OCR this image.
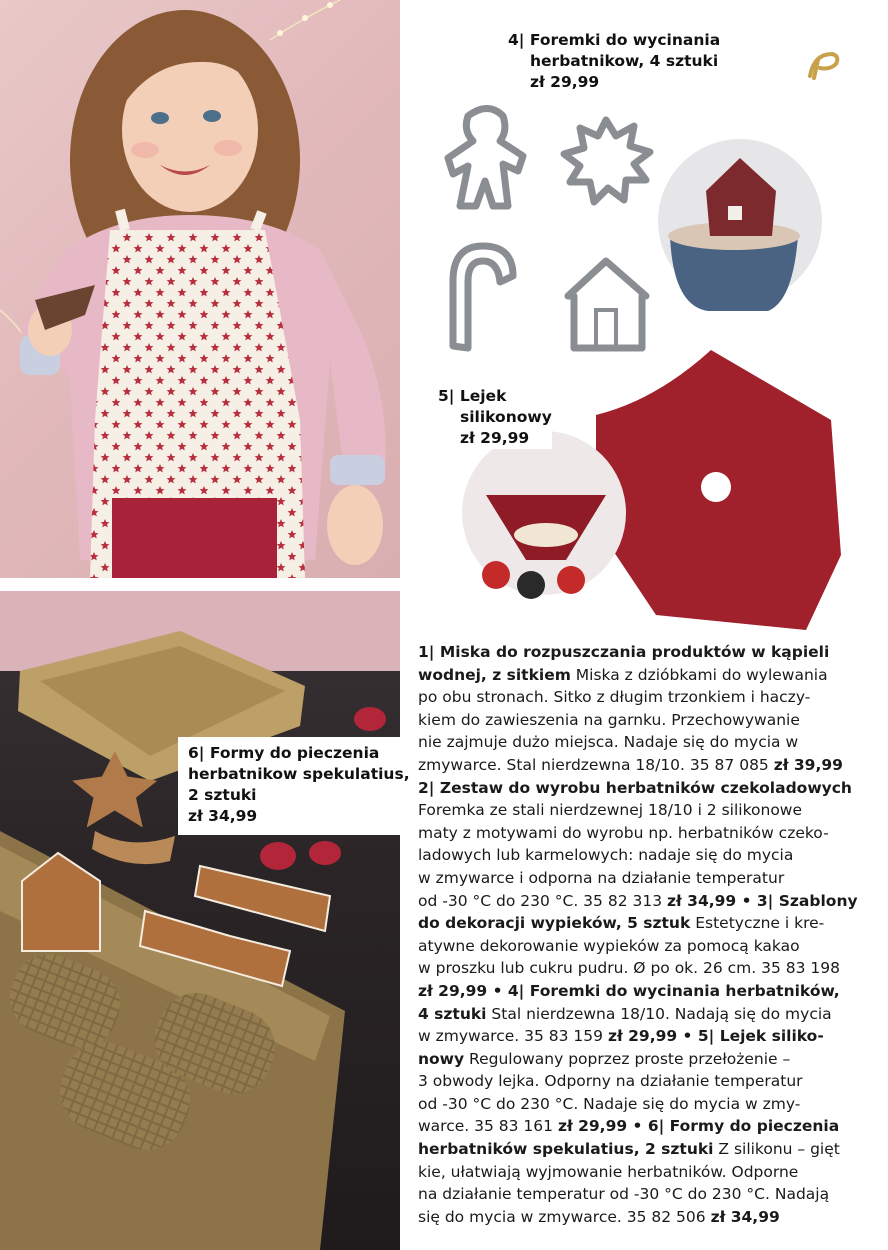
4| Foremki do wycinania
herbatnikow, 4 sztuki
zł 29,99
5| Lejek
silikonowy
zł 29,99
6| Formy do pieczenia
herbatnikow spekulatius,
2 sztuki
zł 34,99
1| Miska do rozpuszczania produktów w kąpieli
wodnej, z sitkiem Miska z dzióbkami do wylewania
po obu stronach. Sitko z długim trzonkiem i haczy-
kiem do zawieszenia na garnku. Przechowywanie
nie zajmuje dużo miejsca. Nadaje się do mycia w
zmywarce. Stal nierdzewna 18/10. 35 87 085 zł 39,99
2| Zestaw do wyrobu herbatników czekoladowych
Foremka ze stali nierdzewnej 18/10 i 2 silikonowe
maty z motywami do wyrobu np. herbatników czeko-
ladowych lub karmelowych: nadaje się do mycia
w zmywarce i odporna na działanie temperatur
od -30 °C do 230 °C. 35 82 313 zł 34,99 • 3| Szablony
do dekoracji wypieków, 5 sztuk Estetyczne i kre-
atywne dekorowanie wypieków za pomocą kakao
w proszku lub cukru pudru. Ø po ok. 26 cm. 35 83 198
zł 29,99 • 4| Foremki do wycinania herbatników,
4 sztuki Stal nierdzewna 18/10. Nadają się do mycia
w zmywarce. 35 83 159 zł 29,99 • 5| Lejek siliko-
nowy Regulowany poprzez proste przełożenie –
3 obwody lejka. Odporny na działanie temperatur
od -30 °C do 230 °C. Nadaje się do mycia w zmy-
warce. 35 83 161 zł 29,99 • 6| Formy do pieczenia
herbatników spekulatius, 2 sztuki Z silikonu – gięt
kie, ułatwiają wyjmowanie herbatników. Odporne
na działanie temperatur od -30 °C do 230 °C. Nadają
się do mycia w zmywarce. 35 82 506 zł 34,99
